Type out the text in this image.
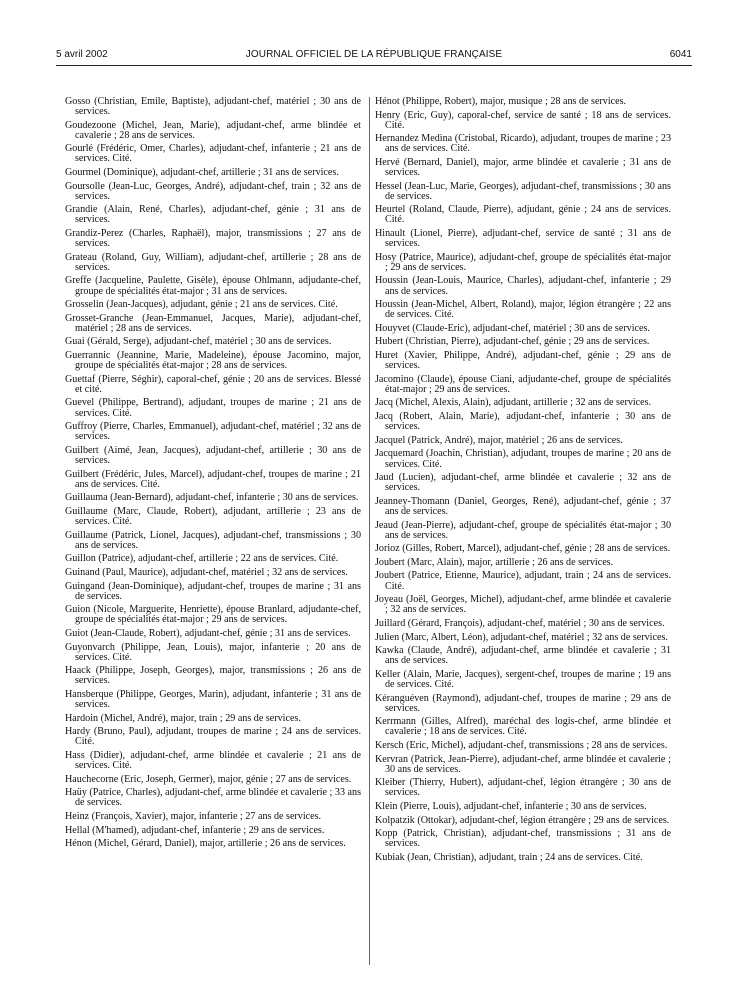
5 avril 2002	JOURNAL OFFICIEL DE LA RÉPUBLIQUE FRANÇAISE	6041

Gosso (Christian, Emile, Baptiste), adjudant-chef, matériel ; 30 ans de services.

Goudezoone (Michel, Jean, Marie), adjudant-chef, arme blindée et cavalerie ; 28 ans de services.

Gourlé (Frédéric, Omer, Charles), adjudant-chef, infanterie ; 21 ans de services. Cité.

Gourmel (Dominique), adjudant-chef, artillerie ; 31 ans de services.

Goursolle (Jean-Luc, Georges, André), adjudant-chef, train ; 32 ans de services.

Grandie (Alain, René, Charles), adjudant-chef, génie ; 31 ans de services.

Grandiz-Perez (Charles, Raphaël), major, transmissions ; 27 ans de services.

Grateau (Roland, Guy, William), adjudant-chef, artillerie ; 28 ans de services.

Greffe (Jacqueline, Paulette, Gisèle), épouse Ohlmann, adjudante-chef, groupe de spécialités état-major ; 31 ans de services.

Grosselin (Jean-Jacques), adjudant, génie ; 21 ans de services. Cité.

Grosset-Granche (Jean-Emmanuel, Jacques, Marie), adjudant-chef, matériel ; 28 ans de services.

Guai (Gérald, Serge), adjudant-chef, matériel ; 30 ans de services.

Guerrannic (Jeannine, Marie, Madeleine), épouse Jacomino, major, groupe de spécialités état-major ; 28 ans de services.

Guettaf (Pierre, Séghir), caporal-chef, génie ; 20 ans de services. Blessé et cité.

Guevel (Philippe, Bertrand), adjudant, troupes de marine ; 21 ans de services. Cité.

Guffroy (Pierre, Charles, Emmanuel), adjudant-chef, matériel ; 32 ans de services.

Guilbert (Aimé, Jean, Jacques), adjudant-chef, artillerie ; 30 ans de services.

Guilbert (Frédéric, Jules, Marcel), adjudant-chef, troupes de marine ; 21 ans de services. Cité.

Guillauma (Jean-Bernard), adjudant-chef, infanterie ; 30 ans de services.

Guillaume (Marc, Claude, Robert), adjudant, artillerie ; 23 ans de services. Cité.

Guillaume (Patrick, Lionel, Jacques), adjudant-chef, transmissions ; 30 ans de services.

Guillon (Patrice), adjudant-chef, artillerie ; 22 ans de services. Cité.

Guinand (Paul, Maurice), adjudant-chef, matériel ; 32 ans de services.

Guingand (Jean-Dominique), adjudant-chef, troupes de marine ; 31 ans de services.

Guion (Nicole, Marguerite, Henriette), épouse Branlard, adjudante-chef, groupe de spécialités état-major ; 29 ans de services.

Guiot (Jean-Claude, Robert), adjudant-chef, génie ; 31 ans de services.

Guyonvarch (Philippe, Jean, Louis), major, infanterie ; 20 ans de services. Cité.

Haack (Philippe, Joseph, Georges), major, transmissions ; 26 ans de services.

Hansberque (Philippe, Georges, Marin), adjudant, infanterie ; 31 ans de services.

Hardoin (Michel, André), major, train ; 29 ans de services.

Hardy (Bruno, Paul), adjudant, troupes de marine ; 24 ans de services. Cité.

Hass (Didier), adjudant-chef, arme blindée et cavalerie ; 21 ans de services. Cité.

Hauchecorne (Eric, Joseph, Germer), major, génie ; 27 ans de services.

Haüy (Patrice, Charles), adjudant-chef, arme blindée et cavalerie ; 33 ans de services.

Heinz (François, Xavier), major, infanterie ; 27 ans de services.

Hellal (M'hamed), adjudant-chef, infanterie ; 29 ans de services.

Hénon (Michel, Gérard, Daniel), major, artillerie ; 26 ans de services.

Hénot (Philippe, Robert), major, musique ; 28 ans de services.

Henry (Eric, Guy), caporal-chef, service de santé ; 18 ans de services. Cité.

Hernandez Medina (Cristobal, Ricardo), adjudant, troupes de marine ; 23 ans de services. Cité.

Hervé (Bernard, Daniel), major, arme blindée et cavalerie ; 31 ans de services.

Hessel (Jean-Luc, Marie, Georges), adjudant-chef, transmissions ; 30 ans de services.

Heurtel (Roland, Claude, Pierre), adjudant, génie ; 24 ans de services. Cité.

Hinault (Lionel, Pierre), adjudant-chef, service de santé ; 31 ans de services.

Hosy (Patrice, Maurice), adjudant-chef, groupe de spécialités état-major ; 29 ans de services.

Houssin (Jean-Louis, Maurice, Charles), adjudant-chef, infanterie ; 29 ans de services.

Houssin (Jean-Michel, Albert, Roland), major, légion étrangère ; 22 ans de services. Cité.

Houyvet (Claude-Eric), adjudant-chef, matériel ; 30 ans de services.

Hubert (Christian, Pierre), adjudant-chef, génie ; 29 ans de services.

Huret (Xavier, Philippe, André), adjudant-chef, génie ; 29 ans de services.

Jacomino (Claude), épouse Ciani, adjudante-chef, groupe de spécialités état-major ; 29 ans de services.

Jacq (Michel, Alexis, Alain), adjudant, artillerie ; 32 ans de services.

Jacq (Robert, Alain, Marie), adjudant-chef, infanterie ; 30 ans de services.

Jacquel (Patrick, André), major, matériel ; 26 ans de services.

Jacquemard (Joachin, Christian), adjudant, troupes de marine ; 20 ans de services. Cité.

Jaud (Lucien), adjudant-chef, arme blindée et cavalerie ; 32 ans de services.

Jeanney-Thomann (Daniel, Georges, René), adjudant-chef, génie ; 37 ans de services.

Jeaud (Jean-Pierre), adjudant-chef, groupe de spécialités état-major ; 30 ans de services.

Jorioz (Gilles, Robert, Marcel), adjudant-chef, génie ; 28 ans de services.

Joubert (Marc, Alain), major, artillerie ; 26 ans de services.

Joubert (Patrice, Etienne, Maurice), adjudant, train ; 24 ans de services. Cité.

Joyeau (Joël, Georges, Michel), adjudant-chef, arme blindée et cavalerie ; 32 ans de services.

Juillard (Gérard, François), adjudant-chef, matériel ; 30 ans de services.

Julien (Marc, Albert, Léon), adjudant-chef, matériel ; 32 ans de services.

Kawka (Claude, André), adjudant-chef, arme blindée et cavalerie ; 31 ans de services.

Keller (Alain, Marie, Jacques), sergent-chef, troupes de marine ; 19 ans de services. Cité.

Kéranguéven (Raymond), adjudant-chef, troupes de marine ; 29 ans de services.

Kerrmann (Gilles, Alfred), maréchal des logis-chef, arme blindée et cavalerie ; 18 ans de services. Cité.

Kersch (Eric, Michel), adjudant-chef, transmissions ; 28 ans de services.

Kervran (Patrick, Jean-Pierre), adjudant-chef, arme blindée et cavalerie ; 30 ans de services.

Kleiber (Thierry, Hubert), adjudant-chef, légion étrangère ; 30 ans de services.

Klein (Pierre, Louis), adjudant-chef, infanterie ; 30 ans de services.

Kolpatzik (Ottokar), adjudant-chef, légion étrangère ; 29 ans de services.

Kopp (Patrick, Christian), adjudant-chef, transmissions ; 31 ans de services.

Kubiak (Jean, Christian), adjudant, train ; 24 ans de services. Cité.
